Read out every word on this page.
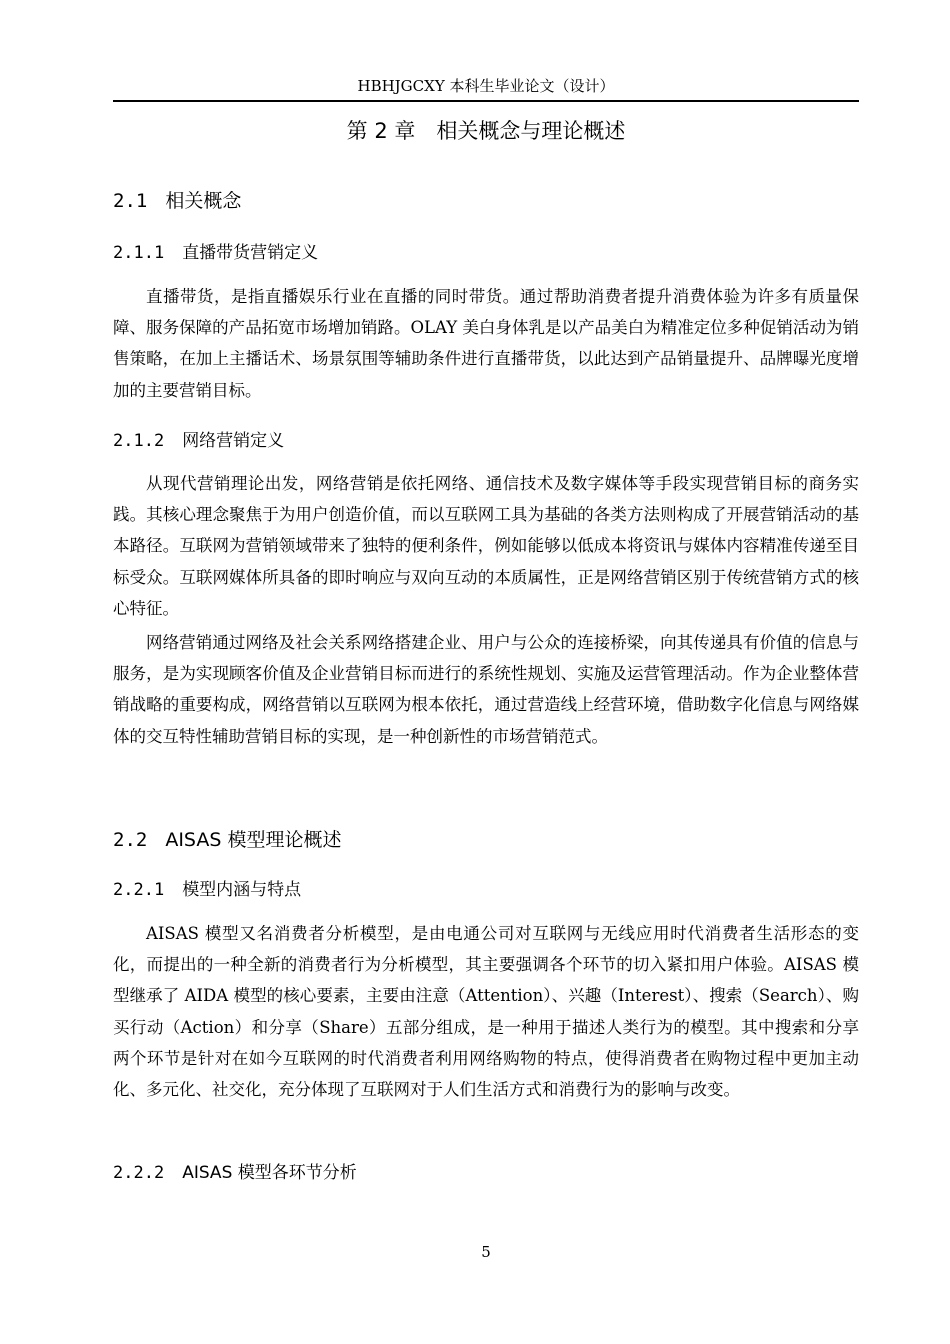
HBHJGCXY 本科生毕业论文（设计）
第 2 章　相关概念与理论概述
2.1 相关概念
2.1.1 直播带货营销定义

直播带货，是指直播娱乐行业在直播的同时带货。通过帮助消费者提升消费体验为许多有质量保障、服务保障的产品拓宽市场增加销路。OLAY 美白身体乳是以产品美白为精准定位多种促销活动为销售策略，在加上主播话术、场景氛围等辅助条件进行直播带货，以此达到产品销量提升、品牌曝光度增加的主要营销目标。

2.1.2 网络营销定义

从现代营销理论出发，网络营销是依托网络、通信技术及数字媒体等手段实现营销目标的商务实践。其核心理念聚焦于为用户创造价值，而以互联网工具为基础的各类方法则构成了开展营销活动的基本路径。互联网为营销领域带来了独特的便利条件，例如能够以低成本将资讯与媒体内容精准传递至目标受众。互联网媒体所具备的即时响应与双向互动的本质属性，正是网络营销区别于传统营销方式的核心特征。

网络营销通过网络及社会关系网络搭建企业、用户与公众的连接桥梁，向其传递具有价值的信息与服务，是为实现顾客价值及企业营销目标而进行的系统性规划、实施及运营管理活动。作为企业整体营销战略的重要构成，网络营销以互联网为根本依托，通过营造线上经营环境，借助数字化信息与网络媒体的交互特性辅助营销目标的实现，是一种创新性的市场营销范式。

2.2 AISAS 模型理论概述
2.2.1 模型内涵与特点

AISAS 模型又名消费者分析模型，是由电通公司对互联网与无线应用时代消费者生活形态的变化，而提出的一种全新的消费者行为分析模型，其主要强调各个环节的切入紧扣用户体验。AISAS 模型继承了 AIDA 模型的核心要素，主要由注意（Attention）、兴趣（Interest）、搜索（Search）、购买行动（Action）和分享（Share）五部分组成，是一种用于描述人类行为的模型。其中搜索和分享两个环节是针对在如今互联网的时代消费者利用网络购物的特点，使得消费者在购物过程中更加主动化、多元化、社交化，充分体现了互联网对于人们生活方式和消费行为的影响与改变。

2.2.2 AISAS 模型各环节分析
5
